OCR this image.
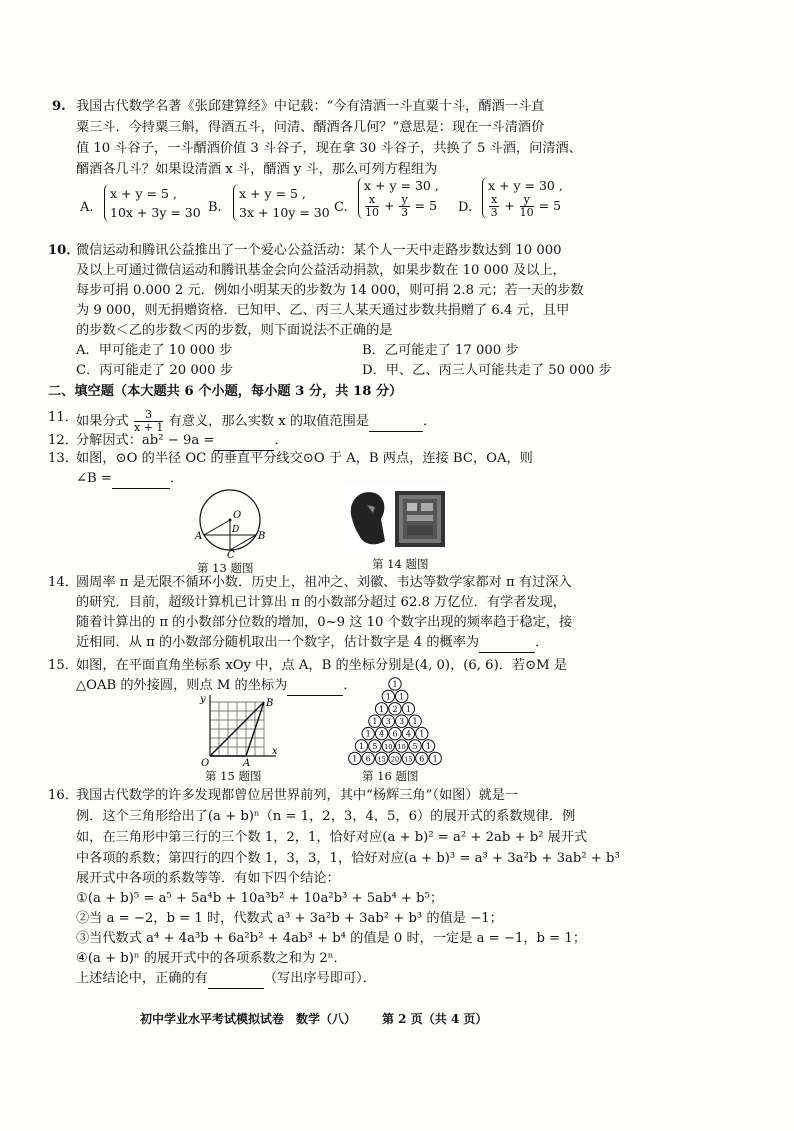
9. 我国古代数学名著《张邱建算经》中记载：“今有清酒一斗直粟十斗，醑酒一斗直
粟三斗．今持粟三斛，得酒五斗，问清、醑酒各几何？”意思是：现在一斗清酒价
值 10 斗谷子，一斗醑酒价值 3 斗谷子，现在拿 30 斗谷子，共换了 5 斗酒，问清酒、
醑酒各几斗？如果设清酒 x 斗，醑酒 y 斗，那么可列方程组为
A.
x + y = 5 ,
10x + 3y = 30 B.
x + y = 5 ,
3x + 10y = 30 C.
x + y = 30 ,
$\frac{x}{10} + \frac{y}{3} = 5$ D.
x + y = 30 ,
$\frac{x}{3} + \frac{y}{10} = 5$
10．
微信运动和腾讯公益推出了一个爱心公益活动：某个人一天中走路步数达到 10 000
及以上可通过微信运动和腾讯基金会向公益活动捐款，如果步数在 10 000 及以上，
每步可捐 0.000 2 元．例如小明某天的步数为 14 000，则可捐 2.8 元；若一天的步数
为 9 000，则无捐赠资格．已知甲、乙、丙三人某天通过步数共捐赠了 6.4 元，且甲
的步数＜乙的步数＜丙的步数，则下面说法不正确的是
A．甲可能走了 10 000 步	B．乙可能走了 17 000 步
C．丙可能走了 20 000 步	D．甲、乙、丙三人可能共走了 50 000 步
二、填空题（本大题共 6 个小题，每小题 3 分，共 18 分）
11．
如果分式 $\frac{3}{x + 1}$ 有意义，那么实数 x 的取值范围是	．
12．
分解因式：ab² − 9a =	．
13．
如图，⊙O 的半径 OC 的垂直平分线交⊙O 于 A，B 两点，连接 BC，OA，则
∠B =	．
O
A	B
C
D
第 13 题图	第 14 题图
14．
圆周率 π 是无限不循环小数．历史上，祖冲之、刘徽、韦达等数学家都对 π 有过深入
的研究．目前，超级计算机已计算出 π 的小数部分超过 62.8 万亿位．有学者发现，
随着计算出的 π 的小数部分位数的增加，0~9 这 10 个数字出现的频率趋于稳定，接
近相同．从 π 的小数部分随机取出一个数字，估计数字是 4 的概率为	．
15．
如图，在平面直角坐标系 xOy 中，点 A，B 的坐标分别是(4, 0)，(6, 6)．若⊙M 是
△OAB 的外接圆，则点 M 的坐标为	．
y
x
O	A
B
第 15 题图
1
1 1
1 2 1
1 3 3 1
1 4 6 4 1
1 5 10 10 5 1
1 6 15 20 15 6 1
第 16 题图
16．
我国古代数学的许多发现都曾位居世界前列，其中“杨辉三角”（如图）就是一
例．这个三角形给出了(a + b)ⁿ（n = 1，2，3，4，5，6）的展开式的系数规律．例
如，在三角形中第三行的三个数 1，2，1，恰好对应(a + b)² = a² + 2ab + b² 展开式
中各项的系数；第四行的四个数 1，3，3，1，恰好对应(a + b)³ = a³ + 3a²b + 3ab² + b³
展开式中各项的系数等等．有如下四个结论：
①(a + b)⁵ = a⁵ + 5a⁴b + 10a³b² + 10a²b³ + 5ab⁴ + b⁵；
②当 a = −2，b = 1 时，代数式 a³ + 3a²b + 3ab² + b³ 的值是 −1；
③当代数式 a⁴ + 4a³b + 6a²b² + 4ab³ + b⁴ 的值是 0 时，一定是 a = −1，b = 1；
④(a + b)ⁿ 的展开式中的各项系数之和为 2ⁿ．
上述结论中，正确的有	（写出序号即可）．
初中学业水平考试模拟试卷　数学（八） 第 2 页（共 4 页）
